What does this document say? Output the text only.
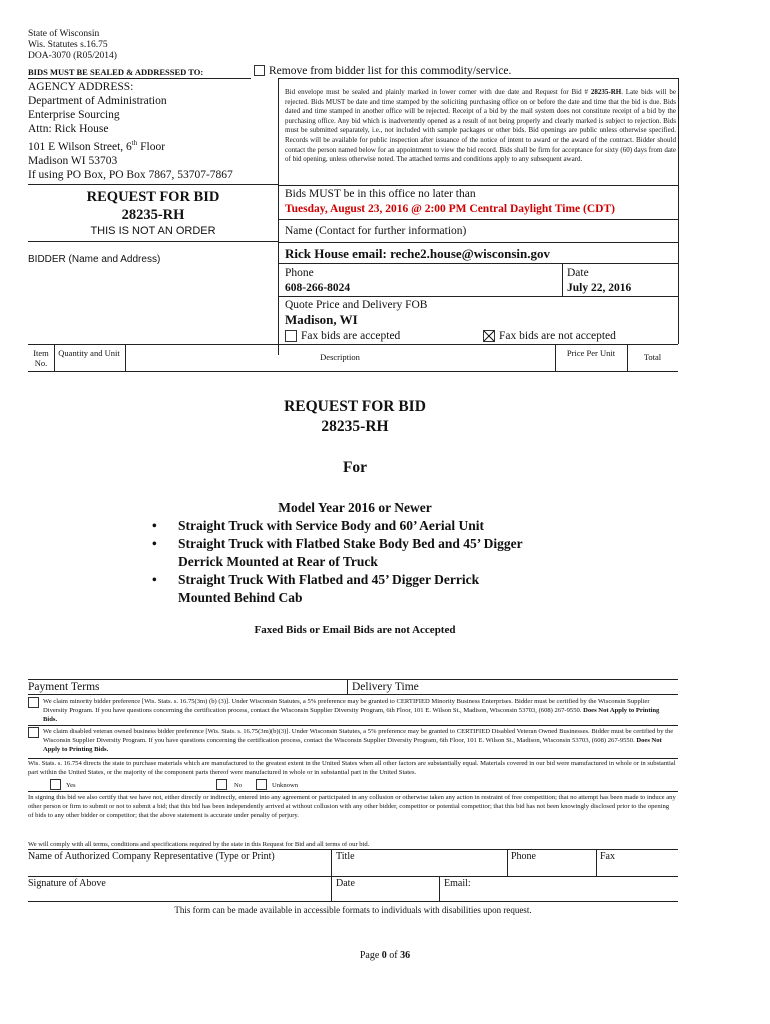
State of Wisconsin
Wis. Statutes s.16.75
DOA-3070 (R05/2014)
BIDS MUST BE SEALED & ADDRESSED TO:	Remove from bidder list for this commodity/service.
AGENCY ADDRESS:
Department of Administration
Enterprise Sourcing
Attn: Rick House
101 E Wilson Street, 6th Floor
Madison WI 53703
If using PO Box, PO Box 7867, 53707-7867
Bid envelope must be sealed and plainly marked in lower corner with due date and Request for Bid # 28235-RH. Late bids will be rejected. Bids MUST be date and time stamped by the soliciting purchasing office on or before the date and time that the bid is due. Bids dated and time stamped in another office will be rejected. Receipt of a bid by the mail system does not constitute receipt of a bid by the purchasing office. Any bid which is inadvertently opened as a result of not being properly and clearly marked is subject to rejection. Bids must be submitted separately, i.e., not included with sample packages or other bids. Bid openings are public unless otherwise specified. Records will be available for public inspection after issuance of the notice of intent to award or the award of the contract. Bidder should contact the person named below for an appointment to view the bid record. Bids shall be firm for acceptance for sixty (60) days from date of bid opening, unless otherwise noted. The attached terms and conditions apply to any subsequent award.
REQUEST FOR BID
28235-RH
THIS IS NOT AN ORDER
BIDDER (Name and Address)
Bids MUST be in this office no later than
Tuesday, August 23, 2016 @ 2:00 PM Central Daylight Time (CDT)
Name (Contact for further information)
Rick House email: reche2.house@wisconsin.gov
Phone
608-266-8024
Date
July 22, 2016
Quote Price and Delivery FOB
Madison, WI
Fax bids are accepted	Fax bids are not accepted
Item No.
Quantity and Unit	Description	Price Per Unit	Total
REQUEST FOR BID
28235-RH
For
Model Year 2016 or Newer
• Straight Truck with Service Body and 60’ Aerial Unit
• Straight Truck with Flatbed Stake Body Bed and 45’ Digger Derrick Mounted at Rear of Truck
• Straight Truck With Flatbed and 45’ Digger Derrick Mounted Behind Cab
Faxed Bids or Email Bids are not Accepted
Payment Terms	Delivery Time
We claim minority bidder preference [Wis. Stats. s. 16.75(3m) (b) (3)]. Under Wisconsin Statutes, a 5% preference may be granted to CERTIFIED Minority Business Enterprises. Bidder must be certified by the Wisconsin Supplier Diversity Program. If you have questions concerning the certification process, contact the Wisconsin Supplier Diversity Program, 6th Floor, 101 E. Wilson St., Madison, Wisconsin 53703, (608) 267-9550. Does Not Apply to Printing Bids.
We claim disabled veteran owned business bidder preference [Wis. Stats. s. 16.75(3m)(b)(3)]. Under Wisconsin Statutes, a 5% preference may be granted to CERTIFIED Disabled Veteran Owned Businesses. Bidder must be certified by the Wisconsin Supplier Diversity Program. If you have questions concerning the certification process, contact the Wisconsin Supplier Diversity Program, 6th Floor, 101 E. Wilson St., Madison, Wisconsin 53703, (608) 267-9550. Does Not Apply to Printing Bids.
Wis. Stats. s. 16.754 directs the state to purchase materials which are manufactured to the greatest extent in the United States when all other factors are substantially equal. Materials covered in our bid were manufactured in whole or in substantial part within the United States, or the majority of the component parts thereof were manufactured in whole or in substantial part in the United States.
Yes	No	Unknown
In signing this bid we also certify that we have not, either directly or indirectly, entered into any agreement or participated in any collusion or otherwise taken any action in restraint of free competition; that no attempt has been made to induce any other person or firm to submit or not to submit a bid; that this bid has been independently arrived at without collusion with any other bidder, competitor or potential competitor; that this bid has not been knowingly disclosed prior to the opening of bids to any other bidder or competitor; that the above statement is accurate under penalty of perjury.
We will comply with all terms, conditions and specifications required by the state in this Request for Bid and all terms of our bid.
Name of Authorized Company Representative (Type or Print)	Title	Phone	Fax
Signature of Above	Date	Email:
This form can be made available in accessible formats to individuals with disabilities upon request.
Page 0 of 36
